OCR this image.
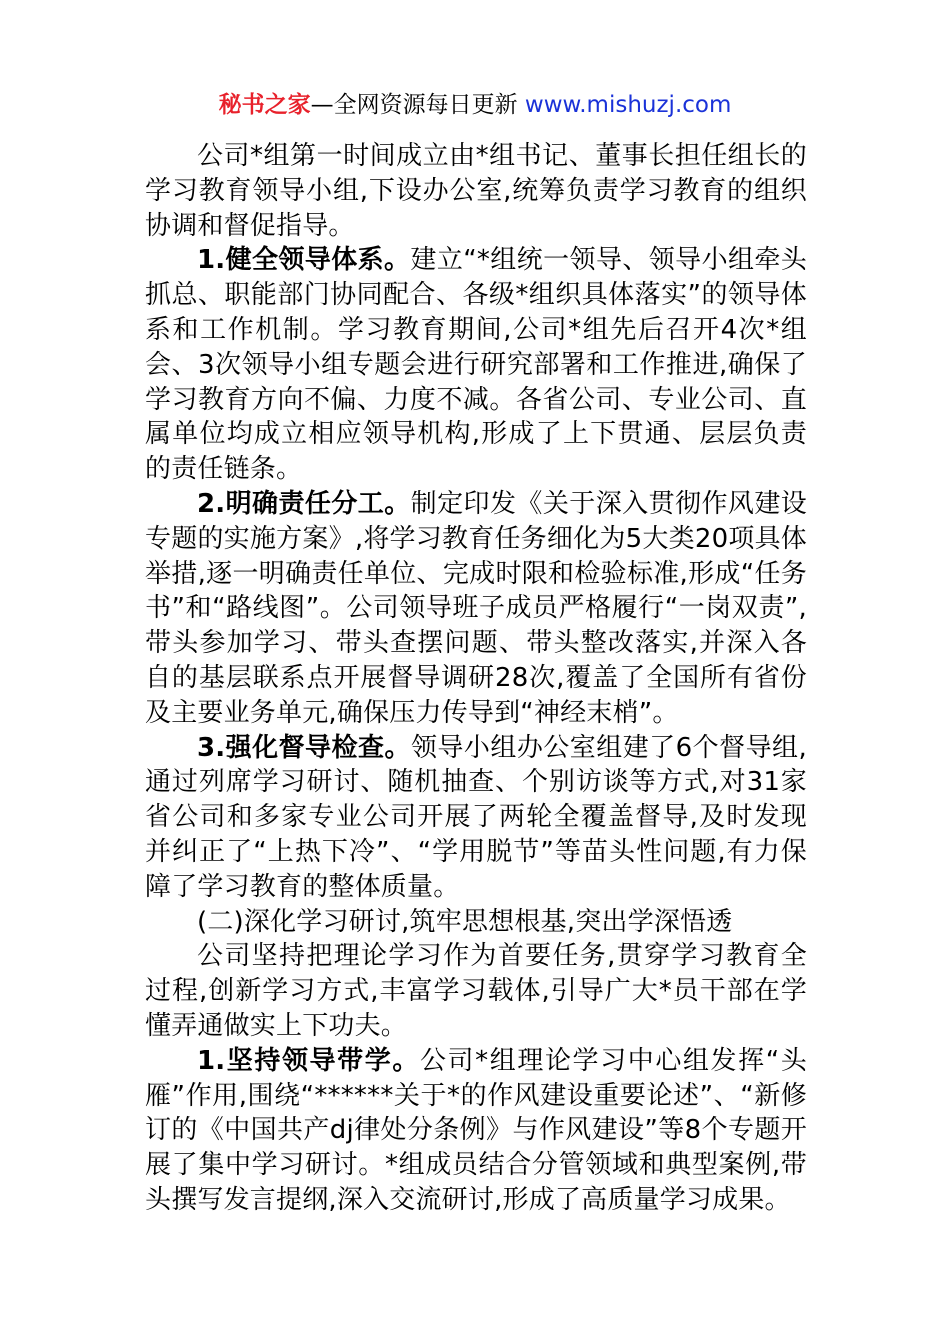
秘书之家—全网资源每日更新 www.mishuzj.com

公司*组第一时间成立由*组书记、董事长担任组长的学习教育领导小组,下设办公室,统筹负责学习教育的组织协调和督促指导。

1.健全领导体系。建立“*组统一领导、领导小组牵头抓总、职能部门协同配合、各级*组织具体落实”的领导体系和工作机制。学习教育期间,公司*组先后召开4次*组会、3次领导小组专题会进行研究部署和工作推进,确保了学习教育方向不偏、力度不减。各省公司、专业公司、直属单位均成立相应领导机构,形成了上下贯通、层层负责的责任链条。

2.明确责任分工。制定印发《关于深入贯彻作风建设专题的实施方案》,将学习教育任务细化为5大类20项具体举措,逐一明确责任单位、完成时限和检验标准,形成“任务书”和“路线图”。公司领导班子成员严格履行“一岗双责”,带头参加学习、带头查摆问题、带头整改落实,并深入各自的基层联系点开展督导调研28次,覆盖了全国所有省份及主要业务单元,确保压力传导到“神经末梢”。

3.强化督导检查。领导小组办公室组建了6个督导组,通过列席学习研讨、随机抽查、个别访谈等方式,对31家省公司和多家专业公司开展了两轮全覆盖督导,及时发现并纠正了“上热下冷”、“学用脱节”等苗头性问题,有力保障了学习教育的整体质量。

(二)深化学习研讨,筑牢思想根基,突出学深悟透

公司坚持把理论学习作为首要任务,贯穿学习教育全过程,创新学习方式,丰富学习载体,引导广大*员干部在学懂弄通做实上下功夫。

1.坚持领导带学。公司*组理论学习中心组发挥“头雁”作用,围绕“******关于*的作风建设重要论述”、“新修订的《中国共产dj律处分条例》与作风建设”等8个专题开展了集中学习研讨。*组成员结合分管领域和典型案例,带头撰写发言提纲,深入交流研讨,形成了高质量学习成果。
